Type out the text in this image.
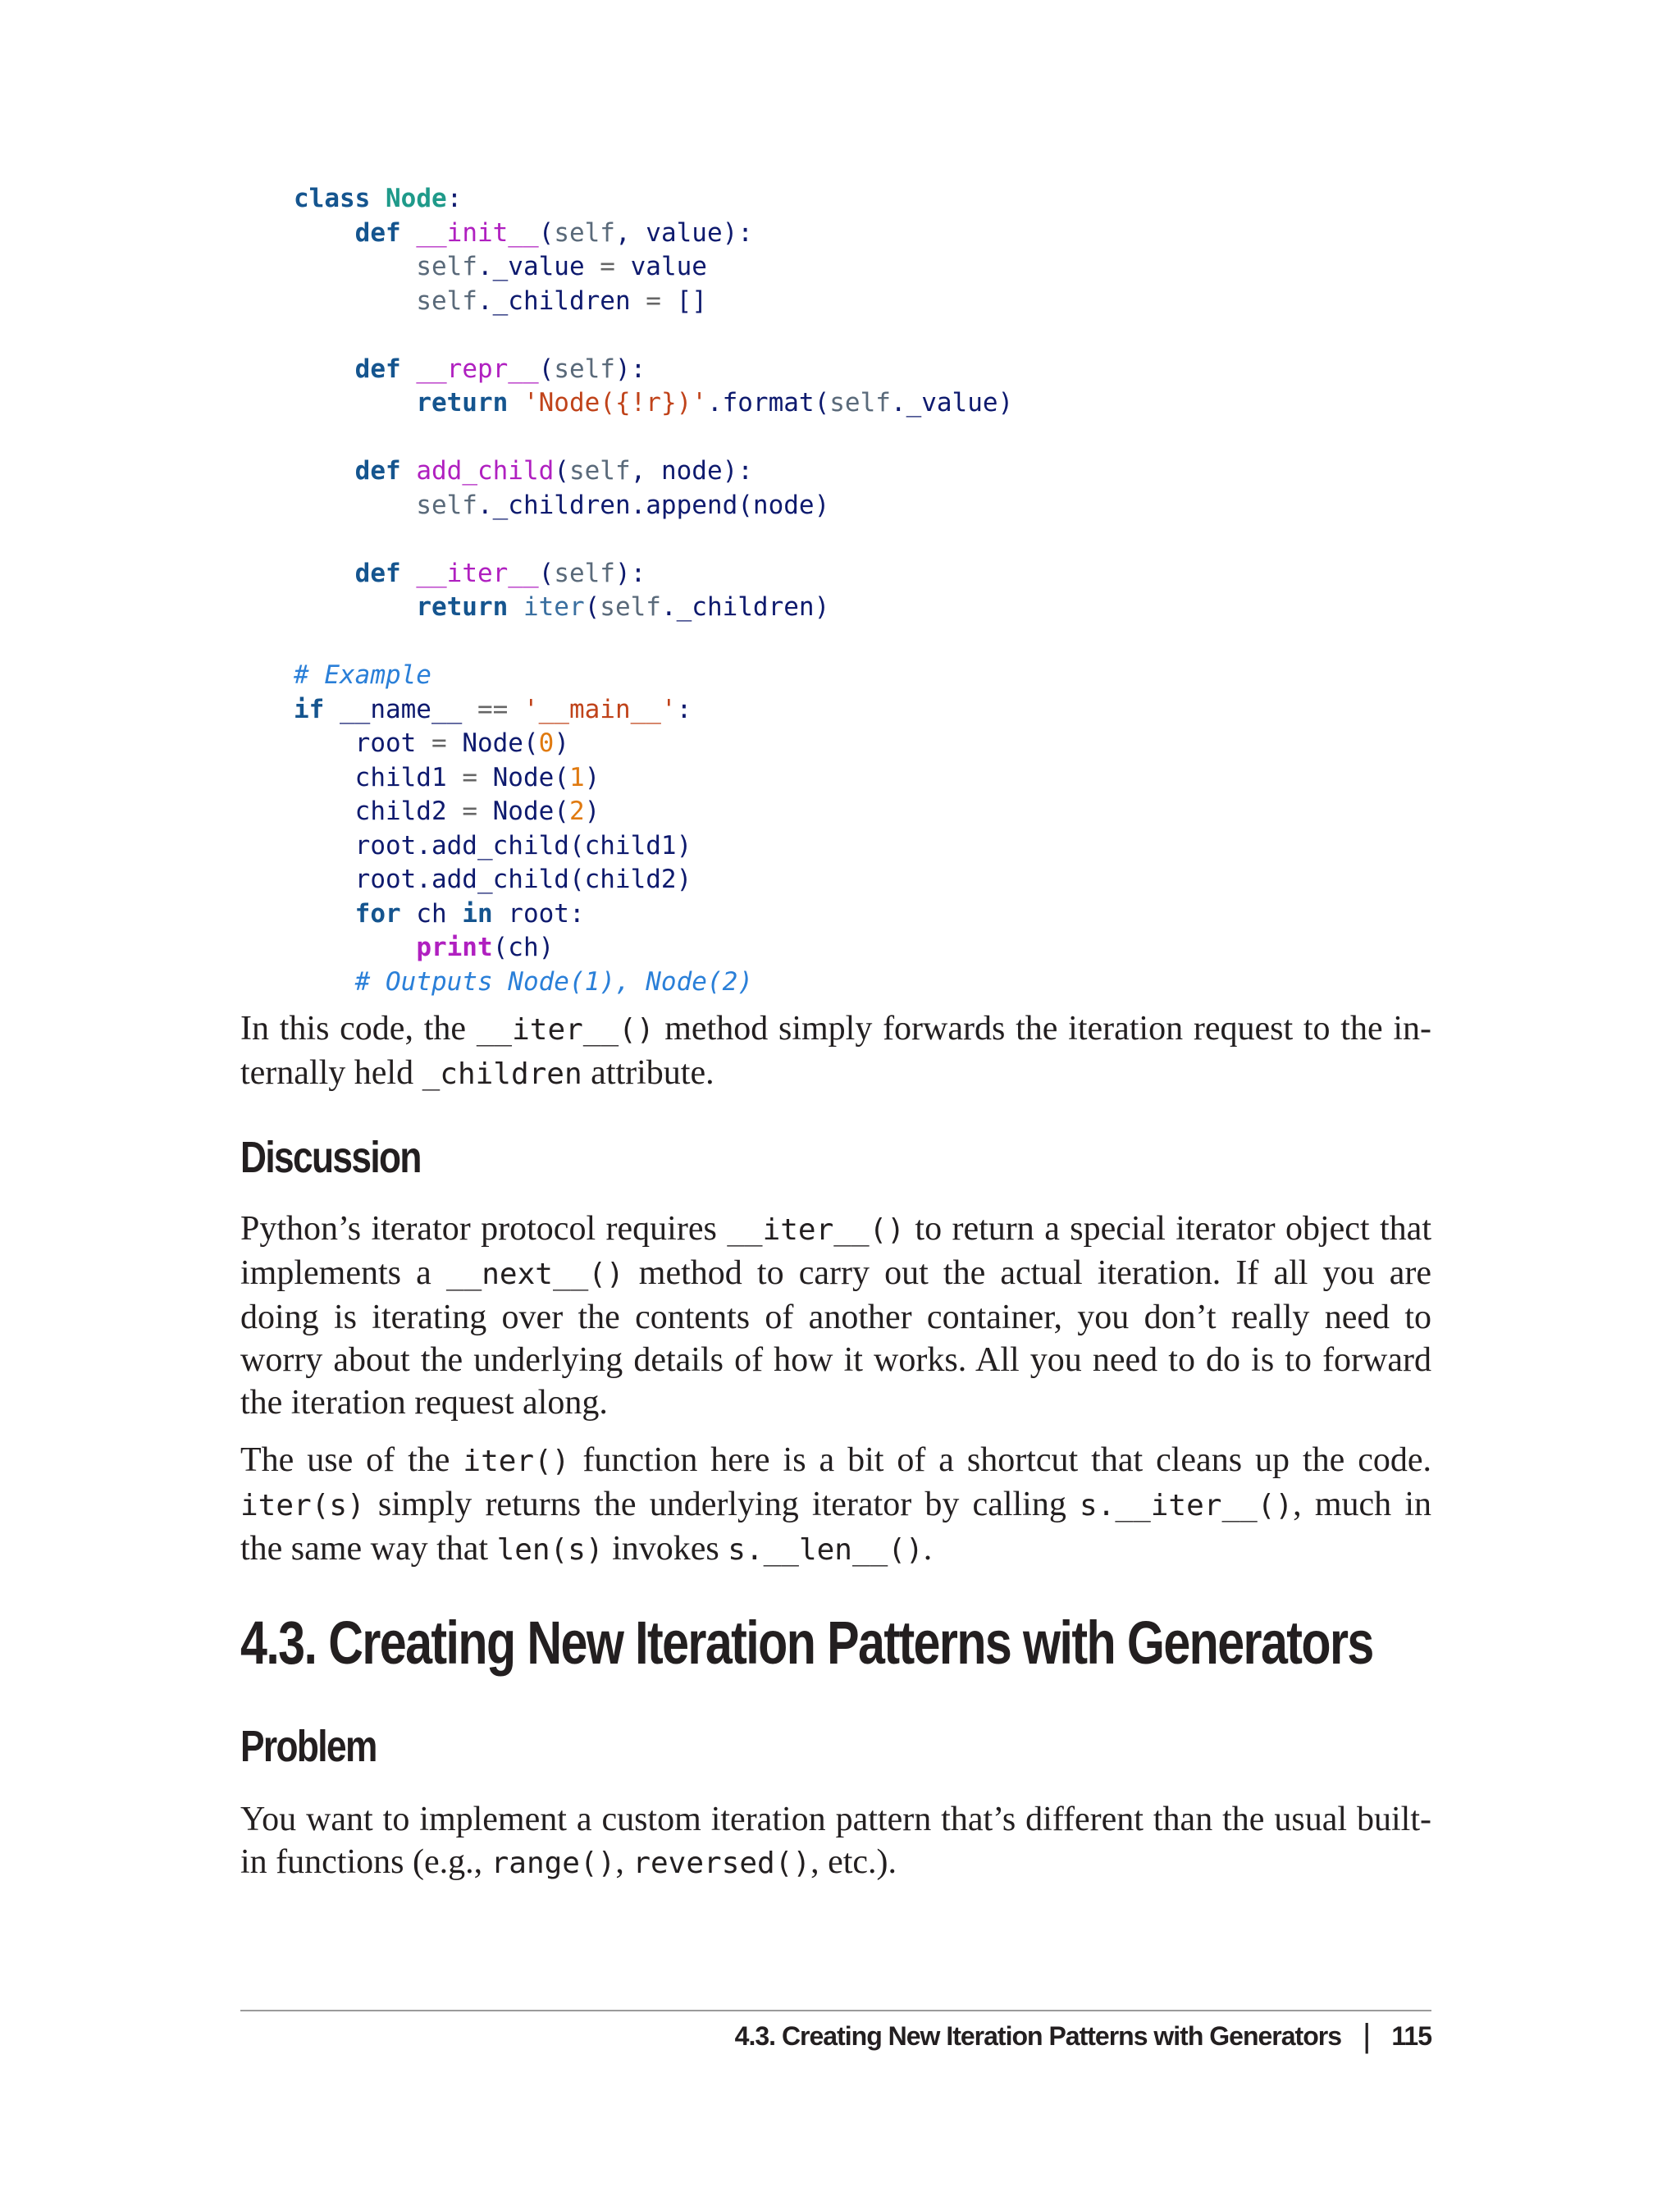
class Node:
def __init__(self, value):
self._value = value
self._children = []

def __repr__(self):
return 'Node({!r})'.format(self._value)

def add_child(self, node):
self._children.append(node)

def __iter__(self):
return iter(self._children)

# Example
if __name__ == '__main__':
root = Node(0)
child1 = Node(1)
child2 = Node(2)
root.add_child(child1)
root.add_child(child2)
for ch in root:
print(ch)
# Outputs Node(1), Node(2)

In this code, the __iter__() method simply forwards the iteration request to the internally held _children attribute.

Discussion

Python’s iterator protocol requires __iter__() to return a special iterator object that implements a __next__() method to carry out the actual iteration. If all you are doing is iterating over the contents of another container, you don’t really need to worry about the underlying details of how it works. All you need to do is to forward the iteration request along.

The use of the iter() function here is a bit of a shortcut that cleans up the code. iter(s) simply returns the underlying iterator by calling s.__iter__(), much in the same way that len(s) invokes s.__len__().

4.3. Creating New Iteration Patterns with Generators
Problem

You want to implement a custom iteration pattern that’s different than the usual built-in functions (e.g., range(), reversed(), etc.).

4.3. Creating New Iteration Patterns with Generators | 115
